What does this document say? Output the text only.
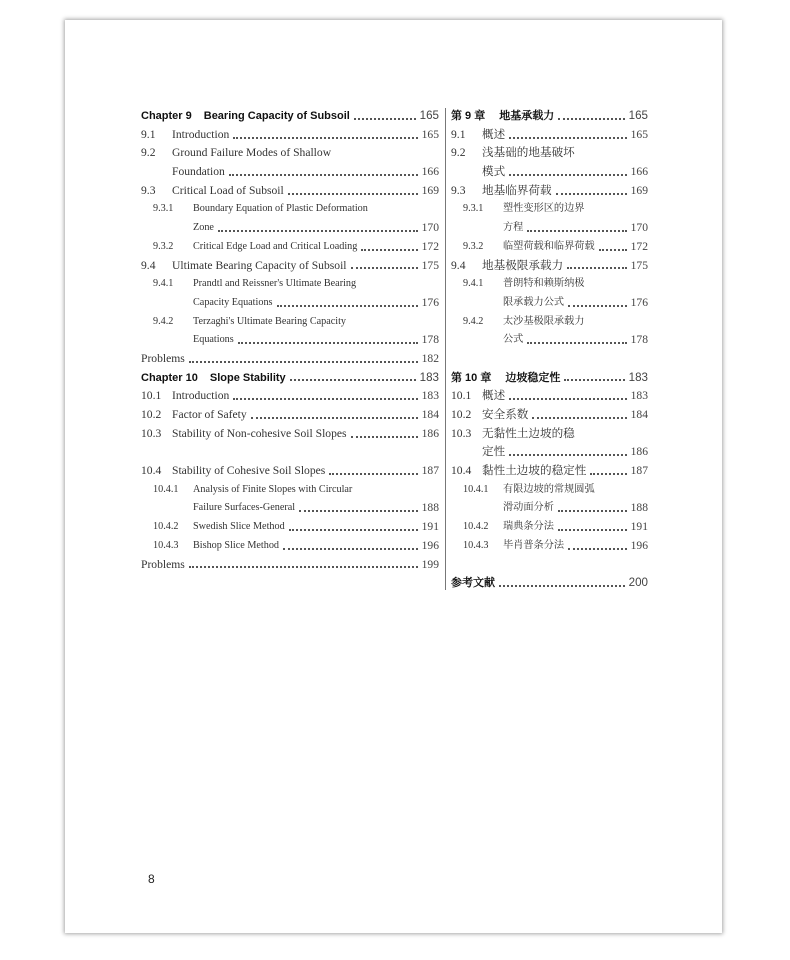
Chapter 9 Bearing Capacity of Subsoil	165
9.1	Introduction	165
9.2	Ground Failure Modes of Shallow
Foundation	166
9.3	Critical Load of Subsoil	169
9.3.1	Boundary Equation of Plastic Deformation
Zone	170
9.3.2	Critical Edge Load and Critical Loading	172
9.4	Ultimate Bearing Capacity of Subsoil	175
9.4.1	Prandtl and Reissner's Ultimate Bearing
Capacity Equations	176
9.4.2	Terzaghi's Ultimate Bearing Capacity
Equations	178
Problems	182
Chapter 10 Slope Stability	183
10.1 Introduction	183
10.2 Factor of Safety	184
10.3 Stability of Non-cohesive Soil Slopes	186
10.4 Stability of Cohesive Soil Slopes	187
10.4.1	Analysis of Finite Slopes with Circular
Failure Surfaces-General	188
10.4.2	Swedish Slice Method	191
10.4.3	Bishop Slice Method	196
Problems	199
第 9 章 地基承载力	165
9.1	概述	165
9.2	浅基础的地基破坏
模式	166
9.3	地基临界荷载	169
9.3.1	塑性变形区的边界
方程	170
9.3.2	临塑荷载和临界荷载	172
9.4	地基极限承载力	175
9.4.1	普朗特和赖斯纳极
限承载力公式	176
9.4.2	太沙基极限承载力
公式	178
第 10 章 边坡稳定性	183
10.1 概述	183
10.2 安全系数	184
10.3 无黏性土边坡的稳
定性	186
10.4 黏性土边坡的稳定性	187
10.4.1	有限边坡的常规圆弧
滑动面分析	188
10.4.2	瑞典条分法	191
10.4.3	毕肖普条分法	196
参考文献	200
8
